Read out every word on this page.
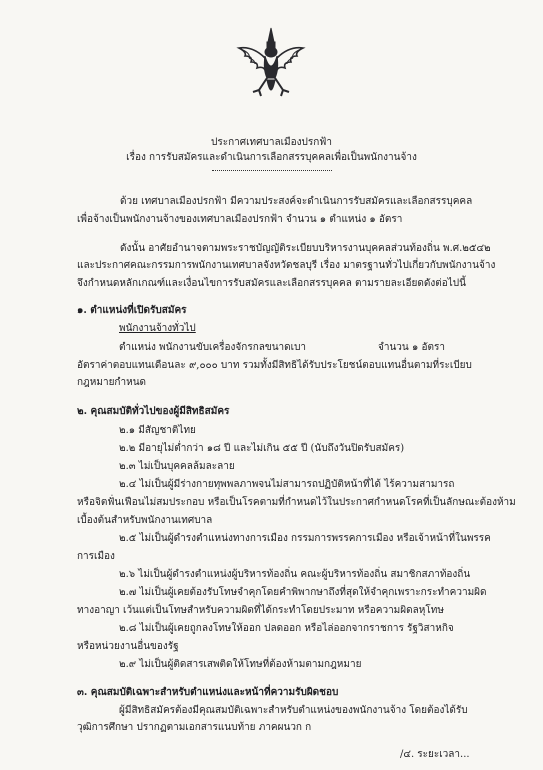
ประกาศเทศบาลเมืองปรกฟ้า
เรื่อง การรับสมัครและดำเนินการเลือกสรรบุคคลเพื่อเป็นพนักงานจ้าง
ด้วย เทศบาลเมืองปรกฟ้า มีความประสงค์จะดำเนินการรับสมัครและเลือกสรรบุคคล
เพื่อจ้างเป็นพนักงานจ้างของเทศบาลเมืองปรกฟ้า จำนวน ๑ ตำแหน่ง ๑ อัตรา
ดังนั้น อาศัยอำนาจตามพระราชบัญญัติระเบียบบริหารงานบุคคลส่วนท้องถิ่น พ.ศ.๒๕๔๒
และประกาศคณะกรรมการพนักงานเทศบาลจังหวัดชลบุรี เรื่อง มาตรฐานทั่วไปเกี่ยวกับพนักงานจ้าง
จึงกำหนดหลักเกณฑ์และเงื่อนไขการรับสมัครและเลือกสรรบุคคล ตามรายละเอียดดังต่อไปนี้
๑. ตำแหน่งที่เปิดรับสมัคร
พนักงานจ้างทั่วไป
ตำแหน่ง พนักงานขับเครื่องจักรกลขนาดเบา	จำนวน ๑ อัตรา
อัตราค่าตอบแทนเดือนละ ๙,๐๐๐ บาท รวมทั้งมีสิทธิได้รับประโยชน์ตอบแทนอื่นตามที่ระเบียบ
กฎหมายกำหนด
๒. คุณสมบัติทั่วไปของผู้มีสิทธิสมัคร
๒.๑ มีสัญชาติไทย
๒.๒ มีอายุไม่ต่ำกว่า ๑๘ ปี และไม่เกิน ๕๕ ปี (นับถึงวันปิดรับสมัคร)
๒.๓ ไม่เป็นบุคคลล้มละลาย
๒.๔ ไม่เป็นผู้มีร่างกายทุพพลภาพจนไม่สามารถปฏิบัติหน้าที่ได้ ไร้ความสามารถ
หรือจิตฟั่นเฟือนไม่สมประกอบ หรือเป็นโรคตามที่กำหนดไว้ในประกาศกำหนดโรคที่เป็นลักษณะต้องห้าม
เบื้องต้นสำหรับพนักงานเทศบาล
๒.๕ ไม่เป็นผู้ดำรงตำแหน่งทางการเมือง กรรมการพรรคการเมือง หรือเจ้าหน้าที่ในพรรค
การเมือง
๒.๖ ไม่เป็นผู้ดำรงตำแหน่งผู้บริหารท้องถิ่น คณะผู้บริหารท้องถิ่น สมาชิกสภาท้องถิ่น
๒.๗ ไม่เป็นผู้เคยต้องรับโทษจำคุกโดยคำพิพากษาถึงที่สุดให้จำคุกเพราะกระทำความผิด
ทางอาญา เว้นแต่เป็นโทษสำหรับความผิดที่ได้กระทำโดยประมาท หรือความผิดลหุโทษ
๒.๘ ไม่เป็นผู้เคยถูกลงโทษให้ออก ปลดออก หรือไล่ออกจากราชการ รัฐวิสาหกิจ
หรือหน่วยงานอื่นของรัฐ
๒.๙ ไม่เป็นผู้ติดสารเสพติดให้โทษที่ต้องห้ามตามกฎหมาย
๓. คุณสมบัติเฉพาะสำหรับตำแหน่งและหน้าที่ความรับผิดชอบ
ผู้มีสิทธิสมัครต้องมีคุณสมบัติเฉพาะสำหรับตำแหน่งของพนักงานจ้าง โดยต้องได้รับ
วุฒิการศึกษา ปรากฏตามเอกสารแนบท้าย ภาคผนวก ก
/๔. ระยะเวลา...
